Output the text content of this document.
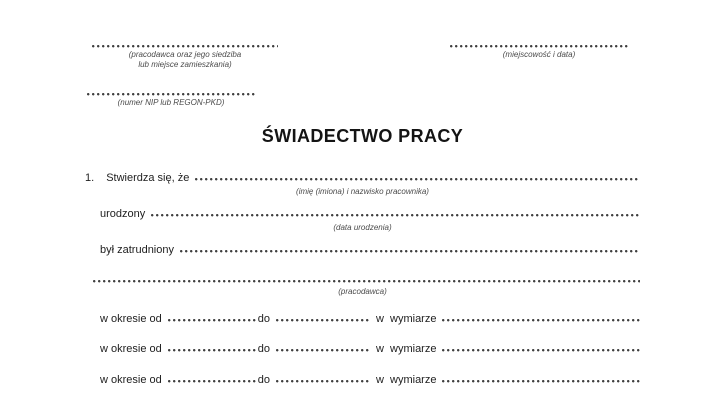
(pracodawca oraz jego siedziba
lub miejsce zamieszkania)
(miejscowość i data)
(numer NIP lub REGON-PKD)
ŚWIADECTWO PRACY
1. Stwierdza się, że
(imię (imiona) i nazwisko pracownika)
urodzony
(data urodzenia)
był zatrudniony
(pracodawca)
w okresie od	do	w wymiarze
w okresie od	do	w wymiarze
w okresie od	do	w wymiarze
